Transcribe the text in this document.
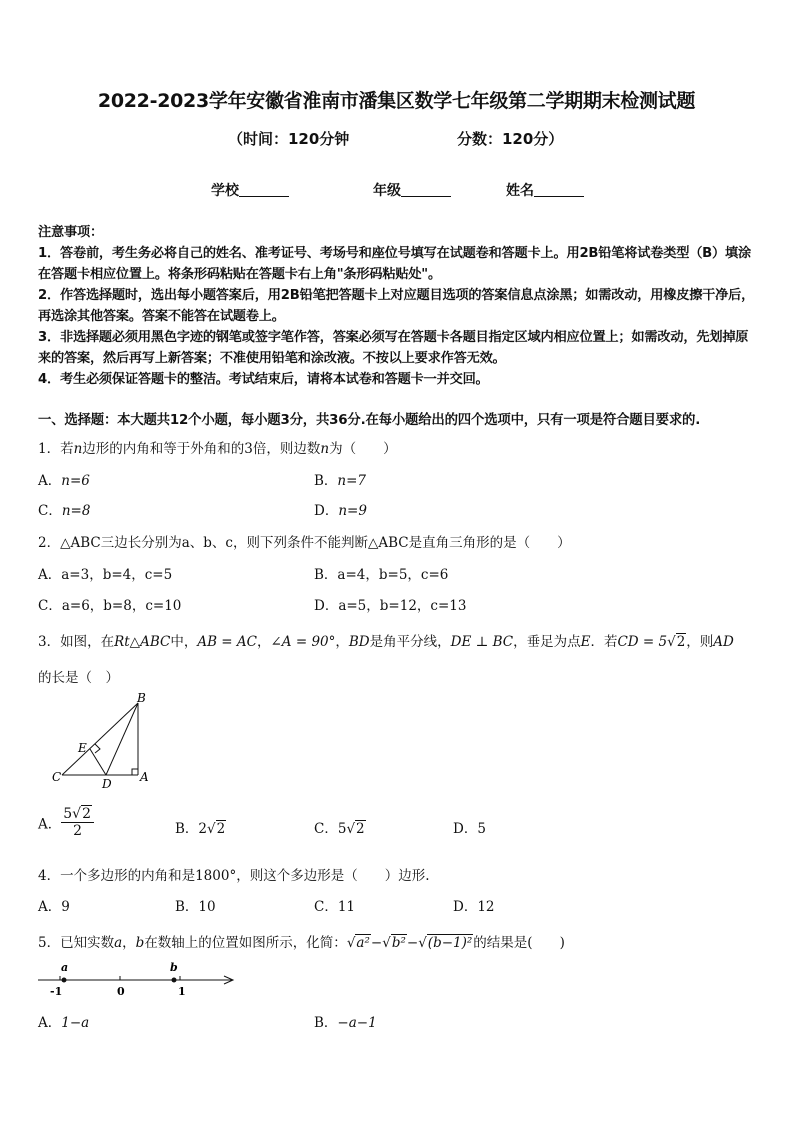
2022-2023学年安徽省淮南市潘集区数学七年级第二学期期末检测试题
（时间：120分钟	分数：120分）
学校	年级	姓名
注意事项：
1．答卷前，考生务必将自己的姓名、准考证号、考场号和座位号填写在试题卷和答题卡上。用2B铅笔将试卷类型（B）填涂在答题卡相应位置上。将条形码粘贴在答题卡右上角"条形码粘贴处"。
2．作答选择题时，选出每小题答案后，用2B铅笔把答题卡上对应题目选项的答案信息点涂黑；如需改动，用橡皮擦干净后，再选涂其他答案。答案不能答在试题卷上。
3．非选择题必须用黑色字迹的钢笔或签字笔作答，答案必须写在答题卡各题目指定区域内相应位置上；如需改动，先划掉原来的答案，然后再写上新答案；不准使用铅笔和涂改液。不按以上要求作答无效。
4．考生必须保证答题卡的整洁。考试结束后，请将本试卷和答题卡一并交回。
一、选择题：本大题共12个小题，每小题3分，共36分.在每小题给出的四个选项中，只有一项是符合题目要求的.
1．若n边形的内角和等于外角和的3倍，则边数n为（　　）
A．n=6	B．n=7
C．n=8	D．n=9
2．△ABC三边长分别为a、b、c，则下列条件不能判断△ABC是直角三角形的是（　　）
A．a=3，b=4，c=5	B．a=4，b=5，c=6
C．a=6，b=8，c=10	D．a=5，b=12，c=13
3．如图，在Rt△ABC中，AB = AC，∠A = 90°，BD是角平分线，DE ⊥ BC，垂足为点E．若CD = 5√2，则AD
的长是（　）
B
E
C	D A
A． $\frac{5√2}{2}$	B．2√2	C．5√2	D．5
4．一个多边形的内角和是1800°，则这个多边形是（　　）边形.
A．9	B．10	C．11	D．12
5．已知实数a，b在数轴上的位置如图所示，化简：√a²−√b²−√(b−1)²的结果是(　　)
a	b
-1	0	1
A．1−a	B．−a−1
